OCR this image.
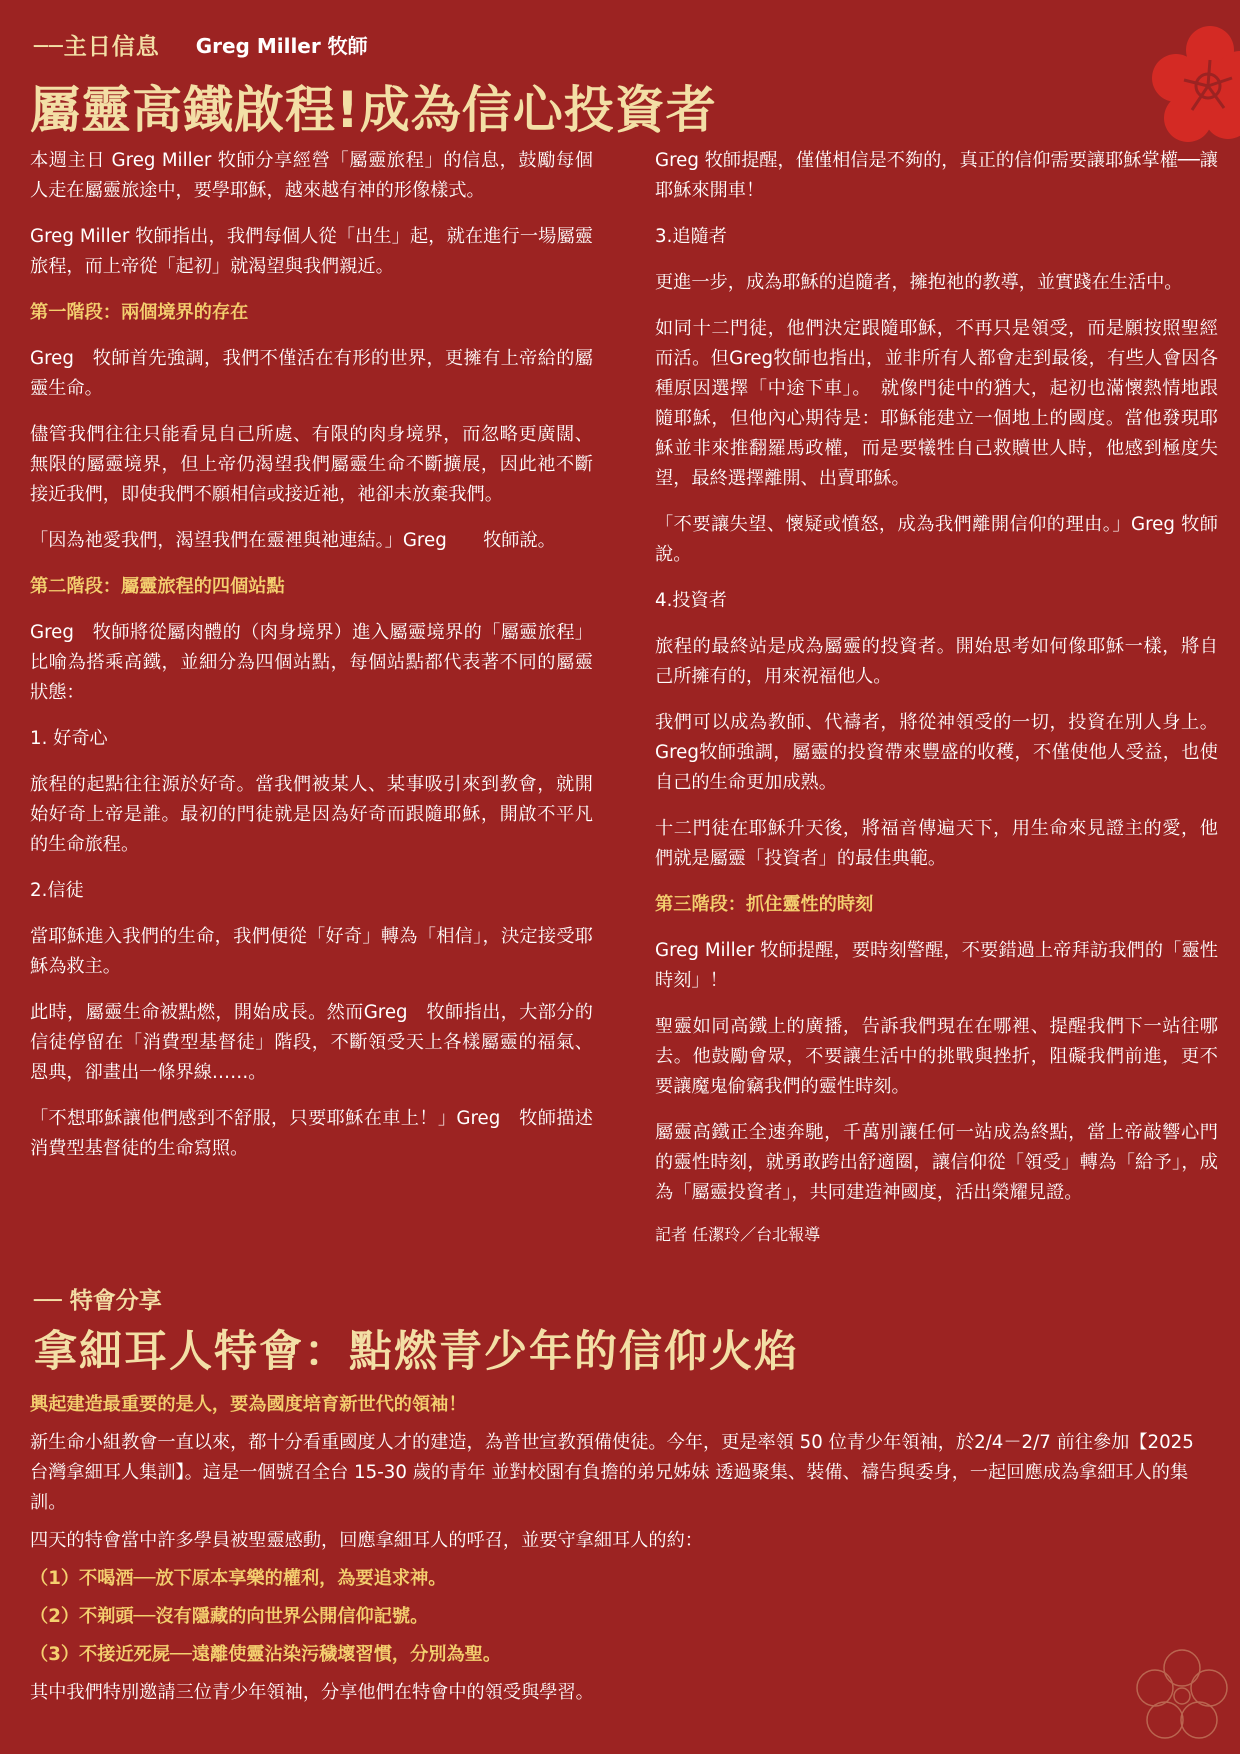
──主日信息 Greg Miller 牧師
屬靈高鐵啟程!成為信心投資者

本週主日 Greg Miller 牧師分享經營「屬靈旅程」的信息，鼓勵每個人走在屬靈旅途中，要學耶穌，越來越有神的形像樣式。

Greg Miller 牧師指出，我們每個人從「出生」起，就在進行一場屬靈旅程，而上帝從「起初」就渴望與我們親近。

第一階段：兩個境界的存在

Greg　牧師首先強調，我們不僅活在有形的世界，更擁有上帝給的屬靈生命。

儘管我們往往只能看見自己所處、有限的肉身境界，而忽略更廣闊、無限的屬靈境界，但上帝仍渴望我們屬靈生命不斷擴展，因此祂不斷接近我們，即使我們不願相信或接近祂，祂卻未放棄我們。

「因為祂愛我們，渴望我們在靈裡與祂連結。」Greg　　牧師說。

第二階段：屬靈旅程的四個站點

Greg　牧師將從屬肉體的（肉身境界）進入屬靈境界的「屬靈旅程」比喻為搭乘高鐵，並細分為四個站點，每個站點都代表著不同的屬靈狀態：

1. 好奇心

旅程的起點往往源於好奇。當我們被某人、某事吸引來到教會，就開始好奇上帝是誰。最初的門徒就是因為好奇而跟隨耶穌，開啟不平凡的生命旅程。

2.信徒

當耶穌進入我們的生命，我們便從「好奇」轉為「相信」，決定接受耶穌為救主。

此時，屬靈生命被點燃，開始成長。然而Greg　牧師指出，大部分的信徒停留在「消費型基督徒」階段，不斷領受天上各樣屬靈的福氣、恩典，卻畫出一條界線……。

「不想耶穌讓他們感到不舒服，只要耶穌在車上！」Greg　牧師描述消費型基督徒的生命寫照。

Greg 牧師提醒，僅僅相信是不夠的，真正的信仰需要讓耶穌掌權──讓耶穌來開車！

3.追隨者

更進一步，成為耶穌的追隨者，擁抱祂的教導，並實踐在生活中。

如同十二門徒，他們決定跟隨耶穌，不再只是領受，而是願按照聖經而活。但Greg牧師也指出，並非所有人都會走到最後，有些人會因各種原因選擇「中途下車」。　就像門徒中的猶大，起初也滿懷熱情地跟隨耶穌，但他內心期待是：耶穌能建立一個地上的國度。當他發現耶穌並非來推翻羅馬政權，而是要犧牲自己救贖世人時，他感到極度失望，最終選擇離開、出賣耶穌。

「不要讓失望、懷疑或憤怒，成為我們離開信仰的理由。」Greg 牧師說。

4.投資者

旅程的最終站是成為屬靈的投資者。開始思考如何像耶穌一樣，將自己所擁有的，用來祝福他人。

我們可以成為教師、代禱者，將從神領受的一切，投資在別人身上。Greg牧師強調，屬靈的投資帶來豐盛的收穫，不僅使他人受益，也使自己的生命更加成熟。

十二門徒在耶穌升天後，將福音傳遍天下，用生命來見證主的愛，他們就是屬靈「投資者」的最佳典範。

第三階段：抓住靈性的時刻

Greg Miller 牧師提醒，要時刻警醒，不要錯過上帝拜訪我們的「靈性時刻」！

聖靈如同高鐵上的廣播，告訴我們現在在哪裡、提醒我們下一站往哪去。他鼓勵會眾，不要讓生活中的挑戰與挫折，阻礙我們前進，更不要讓魔鬼偷竊我們的靈性時刻。

屬靈高鐵正全速奔馳，千萬別讓任何一站成為終點，當上帝敲響心門的靈性時刻，就勇敢跨出舒適圈，讓信仰從「領受」轉為「給予」，成為「屬靈投資者」，共同建造神國度，活出榮耀見證。

記者 任潔玲／台北報導

── 特會分享
拿細耳人特會：點燃青少年的信仰火焰

興起建造最重要的是人，要為國度培育新世代的領袖！

新生命小組教會一直以來，都十分看重國度人才的建造，為普世宣教預備使徒。今年，更是率領 50 位青少年領袖，於2/4－2/7 前往參加【2025 台灣拿細耳人集訓】。這是一個號召全台 15-30 歲的青年 並對校園有負擔的弟兄姊妹 透過聚集、裝備、禱告與委身，一起回應成為拿細耳人的集訓。

四天的特會當中許多學員被聖靈感動，回應拿細耳人的呼召，並要守拿細耳人的約：

（1）不喝酒──放下原本享樂的權利，為要追求神。

（2）不剃頭──沒有隱藏的向世界公開信仰記號。

（3）不接近死屍──遠離使靈沾染污穢壞習慣，分別為聖。

其中我們特別邀請三位青少年領袖，分享他們在特會中的領受與學習。
